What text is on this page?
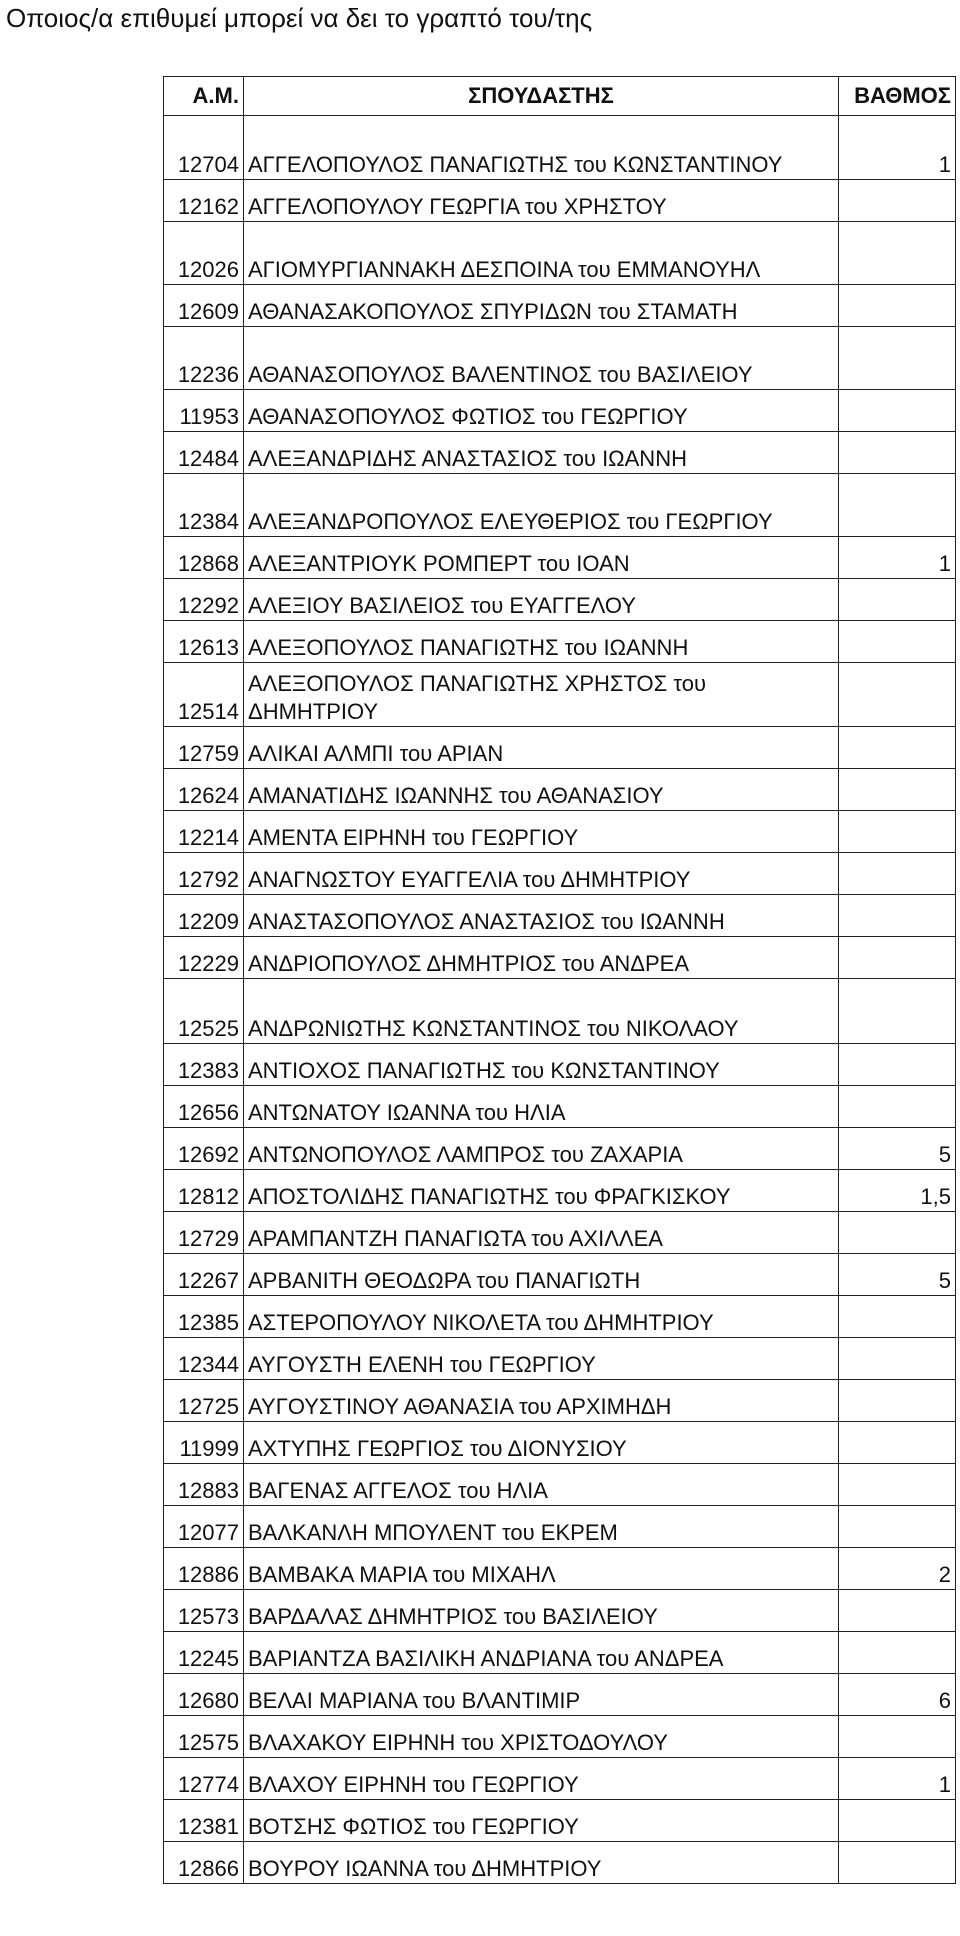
Οποιος/α επιθυμεί μπορεί να δει το γραπτό του/της
Α.Μ.	ΣΠΟΥΔΑΣΤΗΣ	ΒΑΘΜΟΣ
12704	ΑΓΓΕΛΟΠΟΥΛΟΣ ΠΑΝΑΓΙΩΤΗΣ του ΚΩΝΣΤΑΝΤΙΝΟΥ	1
12162	ΑΓΓΕΛΟΠΟΥΛΟΥ ΓΕΩΡΓΙΑ του ΧΡΗΣΤΟΥ	
12026	ΑΓΙΟΜΥΡΓΙΑΝΝΑΚΗ ΔΕΣΠΟΙΝΑ του ΕΜΜΑΝΟΥΗΛ	
12609	ΑΘΑΝΑΣΑΚΟΠΟΥΛΟΣ ΣΠΥΡΙΔΩΝ του ΣΤΑΜΑΤΗ	
12236	ΑΘΑΝΑΣΟΠΟΥΛΟΣ ΒΑΛΕΝΤΙΝΟΣ του ΒΑΣΙΛΕΙΟΥ	
11953	ΑΘΑΝΑΣΟΠΟΥΛΟΣ ΦΩΤΙΟΣ του ΓΕΩΡΓΙΟΥ	
12484	ΑΛΕΞΑΝΔΡΙΔΗΣ ΑΝΑΣΤΑΣΙΟΣ του ΙΩΑΝΝΗ	
12384	ΑΛΕΞΑΝΔΡΟΠΟΥΛΟΣ ΕΛΕΥΘΕΡΙΟΣ του ΓΕΩΡΓΙΟΥ	
12868	ΑΛΕΞΑΝΤΡΙΟΥΚ ΡΟΜΠΕΡΤ του ΙΟΑΝ	1
12292	ΑΛΕΞΙΟΥ ΒΑΣΙΛΕΙΟΣ του ΕΥΑΓΓΕΛΟΥ	
12613	ΑΛΕΞΟΠΟΥΛΟΣ ΠΑΝΑΓΙΩΤΗΣ του ΙΩΑΝΝΗ	
12514	ΑΛΕΞΟΠΟΥΛΟΣ ΠΑΝΑΓΙΩΤΗΣ ΧΡΗΣΤΟΣ του ΔΗΜΗΤΡΙΟΥ	
12759	ΑΛΙΚΑΙ ΑΛΜΠΙ του ΑΡΙΑΝ	
12624	ΑΜΑΝΑΤΙΔΗΣ ΙΩΑΝΝΗΣ του ΑΘΑΝΑΣΙΟΥ	
12214	ΑΜΕΝΤΑ ΕΙΡΗΝΗ του ΓΕΩΡΓΙΟΥ	
12792	ΑΝΑΓΝΩΣΤΟΥ ΕΥΑΓΓΕΛΙΑ του ΔΗΜΗΤΡΙΟΥ	
12209	ΑΝΑΣΤΑΣΟΠΟΥΛΟΣ ΑΝΑΣΤΑΣΙΟΣ του ΙΩΑΝΝΗ	
12229	ΑΝΔΡΙΟΠΟΥΛΟΣ ΔΗΜΗΤΡΙΟΣ του ΑΝΔΡΕΑ	
12525	ΑΝΔΡΩΝΙΩΤΗΣ ΚΩΝΣΤΑΝΤΙΝΟΣ του ΝΙΚΟΛΑΟΥ	
12383	ΑΝΤΙΟΧΟΣ ΠΑΝΑΓΙΩΤΗΣ του ΚΩΝΣΤΑΝΤΙΝΟΥ	
12656	ΑΝΤΩΝΑΤΟΥ ΙΩΑΝΝΑ του ΗΛΙΑ	
12692	ΑΝΤΩΝΟΠΟΥΛΟΣ ΛΑΜΠΡΟΣ του ΖΑΧΑΡΙΑ	5
12812	ΑΠΟΣΤΟΛΙΔΗΣ ΠΑΝΑΓΙΩΤΗΣ του ΦΡΑΓΚΙΣΚΟΥ	1,5
12729	ΑΡΑΜΠΑΝΤΖΗ ΠΑΝΑΓΙΩΤΑ του ΑΧΙΛΛΕΑ	
12267	ΑΡΒΑΝΙΤΗ ΘΕΟΔΩΡΑ του ΠΑΝΑΓΙΩΤΗ	5
12385	ΑΣΤΕΡΟΠΟΥΛΟΥ ΝΙΚΟΛΕΤΑ του ΔΗΜΗΤΡΙΟΥ	
12344	ΑΥΓΟΥΣΤΗ ΕΛΕΝΗ του ΓΕΩΡΓΙΟΥ	
12725	ΑΥΓΟΥΣΤΙΝΟΥ ΑΘΑΝΑΣΙΑ του ΑΡΧΙΜΗΔΗ	
11999	ΑΧΤΥΠΗΣ ΓΕΩΡΓΙΟΣ του ΔΙΟΝΥΣΙΟΥ	
12883	ΒΑΓΕΝΑΣ ΑΓΓΕΛΟΣ του ΗΛΙΑ	
12077	ΒΑΛΚΑΝΛΗ ΜΠΟΥΛΕΝΤ του ΕΚΡΕΜ	
12886	ΒΑΜΒΑΚΑ ΜΑΡΙΑ του ΜΙΧΑΗΛ	2
12573	ΒΑΡΔΑΛΑΣ ΔΗΜΗΤΡΙΟΣ του ΒΑΣΙΛΕΙΟΥ	
12245	ΒΑΡΙΑΝΤΖΑ ΒΑΣΙΛΙΚΗ ΑΝΔΡΙΑΝΑ του ΑΝΔΡΕΑ	
12680	ΒΕΛΑΙ ΜΑΡΙΑΝΑ του ΒΛΑΝΤΙΜΙΡ	6
12575	ΒΛΑΧΑΚΟΥ ΕΙΡΗΝΗ του ΧΡΙΣΤΟΔΟΥΛΟΥ	
12774	ΒΛΑΧΟΥ ΕΙΡΗΝΗ του ΓΕΩΡΓΙΟΥ	1
12381	ΒΟΤΣΗΣ ΦΩΤΙΟΣ του ΓΕΩΡΓΙΟΥ	
12866	ΒΟΥΡΟΥ ΙΩΑΝΝΑ του ΔΗΜΗΤΡΙΟΥ	
